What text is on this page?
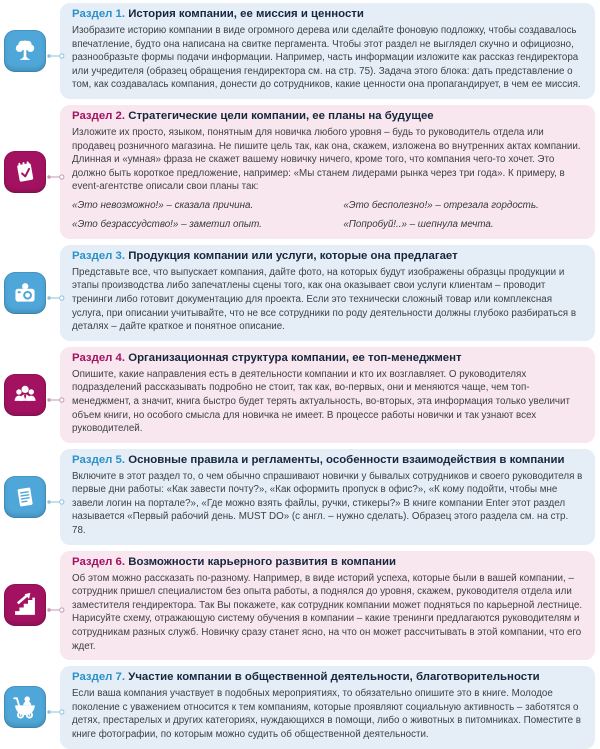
Раздел 1. История компании, ее миссия и ценности

Изобразите историю компании в виде огромного дерева или сделайте фоновую подложку, чтобы создавалось впечатление, будто она написана на свитке пергамента. Чтобы этот раздел не выглядел скучно и официозно, разнообразьте формы подачи информации. Например, часть информации изложите как рассказ гендиректора или учредителя (образец обращения гендиректора см. на стр. 75). Задача этого блока: дать представление о том, как создавалась компания, донести до сотрудников, какие ценности она пропагандирует, в чем ее миссия.

Раздел 2. Стратегические цели компании, ее планы на будущее

Изложите их просто, языком, понятным для новичка любого уровня – будь то руководитель отдела или продавец розничного магазина. Не пишите цель так, как она, скажем, изложена во внутренних актах компании. Длинная и «умная» фраза не скажет вашему новичку ничего, кроме того, что компания чего-то хочет. Это должно быть короткое предложение, например: «Мы станем лидерами рынка через три года». К примеру, в event-агентстве описали свои планы так:

«Это невозможно!» – сказала причина.	«Это бесполезно!» – отрезала гордость.
«Это безрассудство!» – заметил опыт.	«Попробуй!..» – шепнула мечта.
Раздел 3. Продукция компании или услуги, которые она предлагает

Представьте все, что выпускает компания, дайте фото, на которых будут изображены образцы продукции и этапы производства либо запечатлены сцены того, как она оказывает свои услуги клиентам – проводит тренинги либо готовит документацию для проекта. Если это технически сложный товар или комплексная услуга, при описании учитывайте, что не все сотрудники по роду деятельности должны глубоко разбираться в деталях – дайте краткое и понятное описание.

Раздел 4. Организационная структура компании, ее топ-менеджмент

Опишите, какие направления есть в деятельности компании и кто их возглавляет. О руководителях подразделений рассказывать подробно не стоит, так как, во-первых, они и меняются чаще, чем топ-менеджмент, а значит, книга быстро будет терять актуальность, во-вторых, эта информация только увеличит объем книги, но особого смысла для новичка не имеет. В процессе работы новички и так узнают всех руководителей.

Раздел 5. Основные правила и регламенты, особенности взаимодействия в компании

Включите в этот раздел то, о чем обычно спрашивают новички у бывалых сотрудников и своего руководителя в первые дни работы: «Как завести почту?», «Как оформить пропуск в офис?», «К кому подойти, чтобы мне завели логин на портале?», «Где можно взять файлы, ручки, стикеры?» В книге компании Enter этот раздел называется «Первый рабочий день. MUST DO» (с англ. – нужно сделать). Образец этого раздела см. на стр. 78.

Раздел 6. Возможности карьерного развития в компании

Об этом можно рассказать по-разному. Например, в виде историй успеха, которые были в вашей компании, – сотрудник пришел специалистом без опыта работы, а поднялся до уровня, скажем, руководителя отдела или заместителя гендиректора. Так Вы покажете, как сотрудник компании может подняться по карьерной лестнице. Нарисуйте схему, отражающую систему обучения в компании – какие тренинги предлагаются руководителям и сотрудникам разных служб. Новичку сразу станет ясно, на что он может рассчитывать в этой компании, что его ждет.

Раздел 7. Участие компании в общественной деятельности, благотворительности

Если ваша компания участвует в подобных мероприятиях, то обязательно опишите это в книге. Молодое поколение с уважением относится к тем компаниям, которые проявляют социальную активность – заботятся о детях, престарелых и других категориях, нуждающихся в помощи, либо о животных в питомниках. Поместите в книге фотографии, по которым можно судить об общественной деятельности.
